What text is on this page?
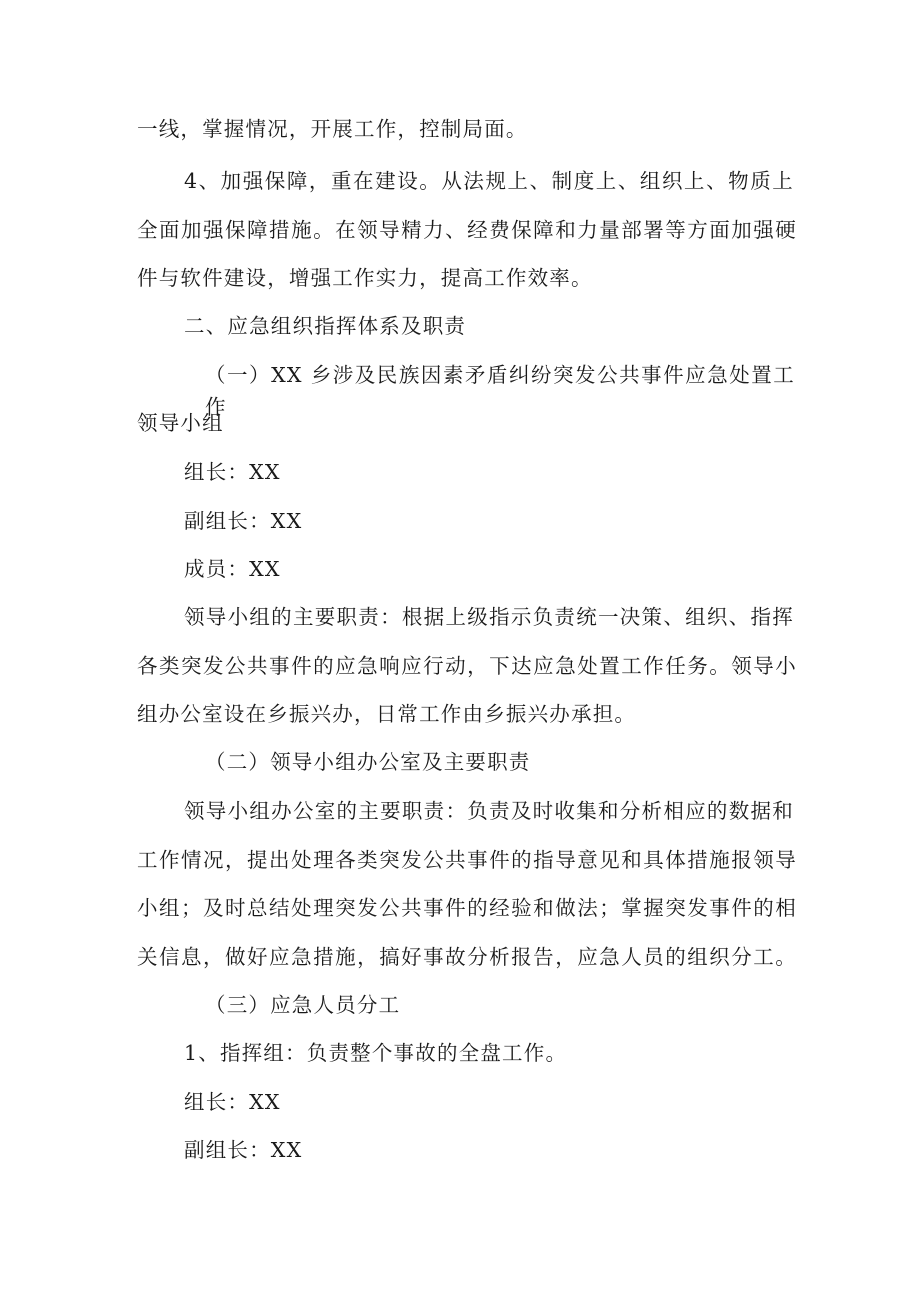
一线，掌握情况，开展工作，控制局面。
4、加强保障，重在建设。从法规上、制度上、组织上、物质上
全面加强保障措施。在领导精力、经费保障和力量部署等方面加强硬
件与软件建设，增强工作实力，提高工作效率。
二、应急组织指挥体系及职责
（一）XX 乡涉及民族因素矛盾纠纷突发公共事件应急处置工作
领导小组
组长：XX
副组长：XX
成员：XX
领导小组的主要职责：根据上级指示负责统一决策、组织、指挥
各类突发公共事件的应急响应行动，下达应急处置工作任务。领导小
组办公室设在乡振兴办，日常工作由乡振兴办承担。
（二）领导小组办公室及主要职责
领导小组办公室的主要职责：负责及时收集和分析相应的数据和
工作情况，提出处理各类突发公共事件的指导意见和具体措施报领导
小组；及时总结处理突发公共事件的经验和做法；掌握突发事件的相
关信息，做好应急措施，搞好事故分析报告，应急人员的组织分工。
（三）应急人员分工
1、指挥组：负责整个事故的全盘工作。
组长：XX
副组长：XX
